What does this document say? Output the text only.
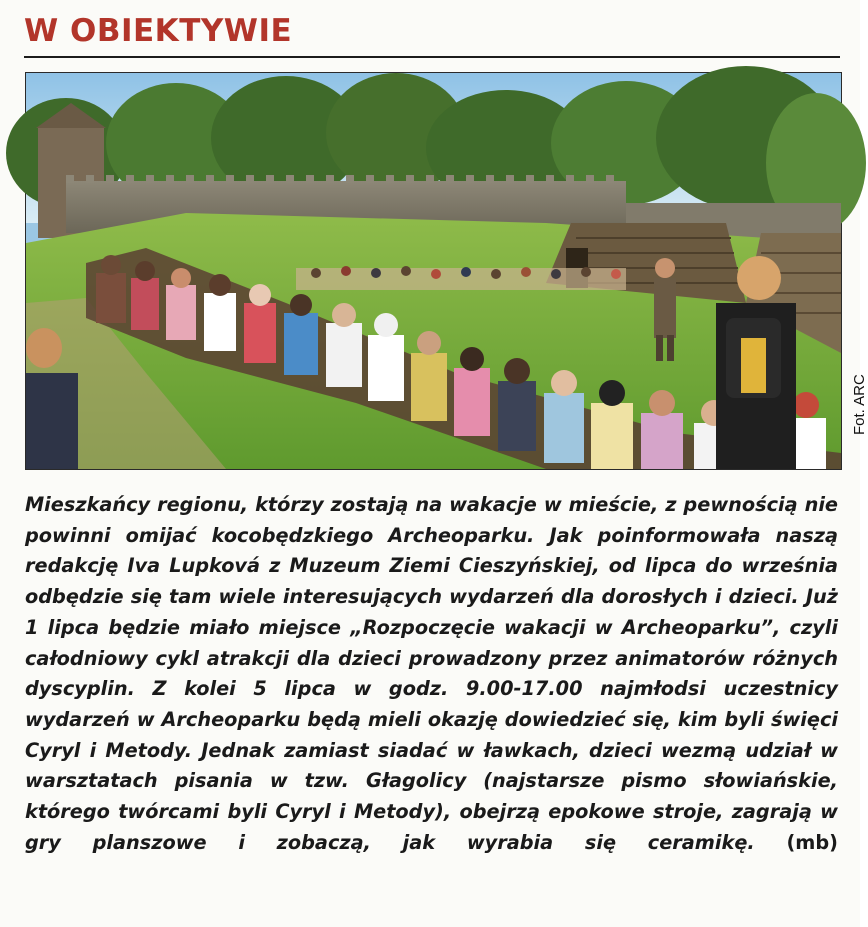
W OBIEKTYWIE
Fot. ARC

Mieszkańcy regionu, którzy zostają na wakacje w mieście, z pewnością nie powinni omijać kocobędzkiego Archeoparku. Jak poinformowała naszą redakcję Iva Lupková z Muzeum Ziemi Cieszyńskiej, od lipca do września odbędzie się tam wiele interesujących wydarzeń dla dorosłych i dzieci. Już 1 lipca będzie miało miejsce „Rozpoczęcie wakacji w Archeoparku”, czyli całodniowy cykl atrakcji dla dzieci prowadzony przez animatorów różnych dyscyplin. Z kolei 5 lipca w godz. 9.00-17.00 najmłodsi uczestnicy wydarzeń w Archeoparku będą mieli okazję dowiedzieć się, kim byli święci Cyryl i Metody. Jednak zamiast siadać w ławkach, dzieci wezmą udział w warsztatach pisania w tzw. Głagolicy (najstarsze pismo słowiańskie, którego twórcami byli Cyryl i Metody), obejrzą epokowe stroje, zagrają w gry planszowe i zobaczą, jak wyrabia się ceramikę. (mb)
